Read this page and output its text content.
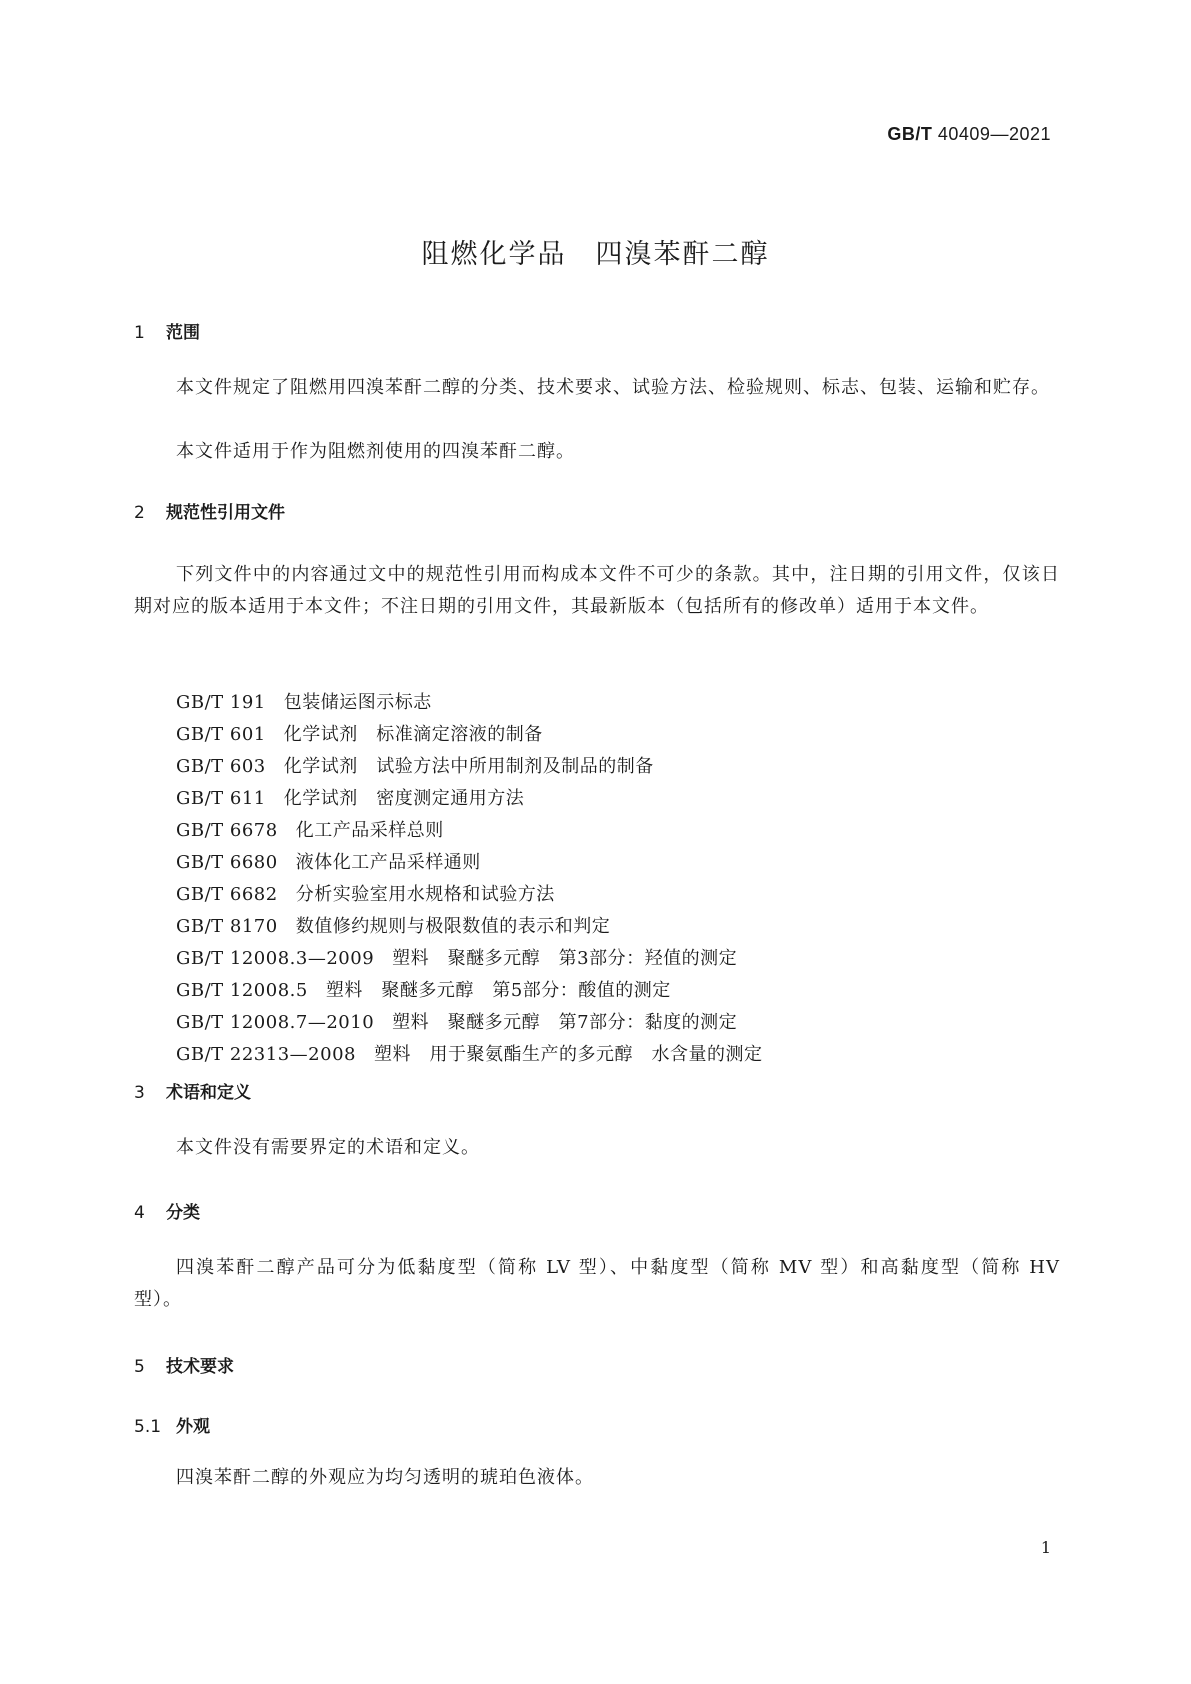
GB/T 40409—2021
阻燃化学品　四溴苯酐二醇
1 范围
本文件规定了阻燃用四溴苯酐二醇的分类、技术要求、试验方法、检验规则、标志、包装、运输和贮存。
本文件适用于作为阻燃剂使用的四溴苯酐二醇。
2 规范性引用文件
下列文件中的内容通过文中的规范性引用而构成本文件不可少的条款。其中，注日期的引用文件，仅该日期对应的版本适用于本文件；不注日期的引用文件，其最新版本（包括所有的修改单）适用于本文件。
GB/T 191 包装储运图示标志
GB/T 601 化学试剂　标准滴定溶液的制备
GB/T 603 化学试剂　试验方法中所用制剂及制品的制备
GB/T 611 化学试剂　密度测定通用方法
GB/T 6678 化工产品采样总则
GB/T 6680 液体化工产品采样通则
GB/T 6682 分析实验室用水规格和试验方法
GB/T 8170 数值修约规则与极限数值的表示和判定
GB/T 12008.3—2009 塑料　聚醚多元醇　第3部分：羟值的测定
GB/T 12008.5 塑料　聚醚多元醇　第5部分：酸值的测定
GB/T 12008.7—2010 塑料　聚醚多元醇　第7部分：黏度的测定
GB/T 22313—2008 塑料　用于聚氨酯生产的多元醇　水含量的测定
3 术语和定义
本文件没有需要界定的术语和定义。
4 分类
四溴苯酐二醇产品可分为低黏度型（简称 LV 型）、中黏度型（简称 MV 型）和高黏度型（简称 HV 型）。
5 技术要求
5.1 外观
四溴苯酐二醇的外观应为均匀透明的琥珀色液体。
1
